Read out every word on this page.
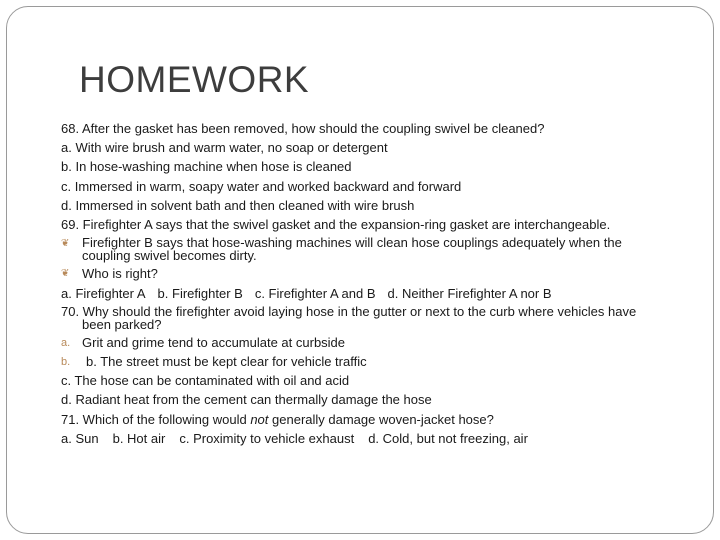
HOMEWORK
68. After the gasket has been removed, how should the coupling swivel be cleaned?
a. With wire brush and warm water, no soap or detergent
b. In hose-washing machine when hose is cleaned
c. Immersed in warm, soapy water and worked backward and forward
d. Immersed in solvent bath and then cleaned with wire brush
69. Firefighter A says that the swivel gasket and the expansion-ring gasket are interchangeable.
❦ Firefighter B says that hose-washing machines will clean hose couplings adequately when the coupling swivel becomes dirty.
❦ Who is right?
a. Firefighter A b. Firefighter B c. Firefighter A and B d. Neither Firefighter A nor B
70. Why should the firefighter avoid laying hose in the gutter or next to the curb where vehicles have been parked?
a. Grit and grime tend to accumulate at curbside
b. b. The street must be kept clear for vehicle traffic
c. The hose can be contaminated with oil and acid
d. Radiant heat from the cement can thermally damage the hose
71. Which of the following would not generally damage woven-jacket hose?
a. Sun b. Hot air c. Proximity to vehicle exhaust d. Cold, but not freezing, air
